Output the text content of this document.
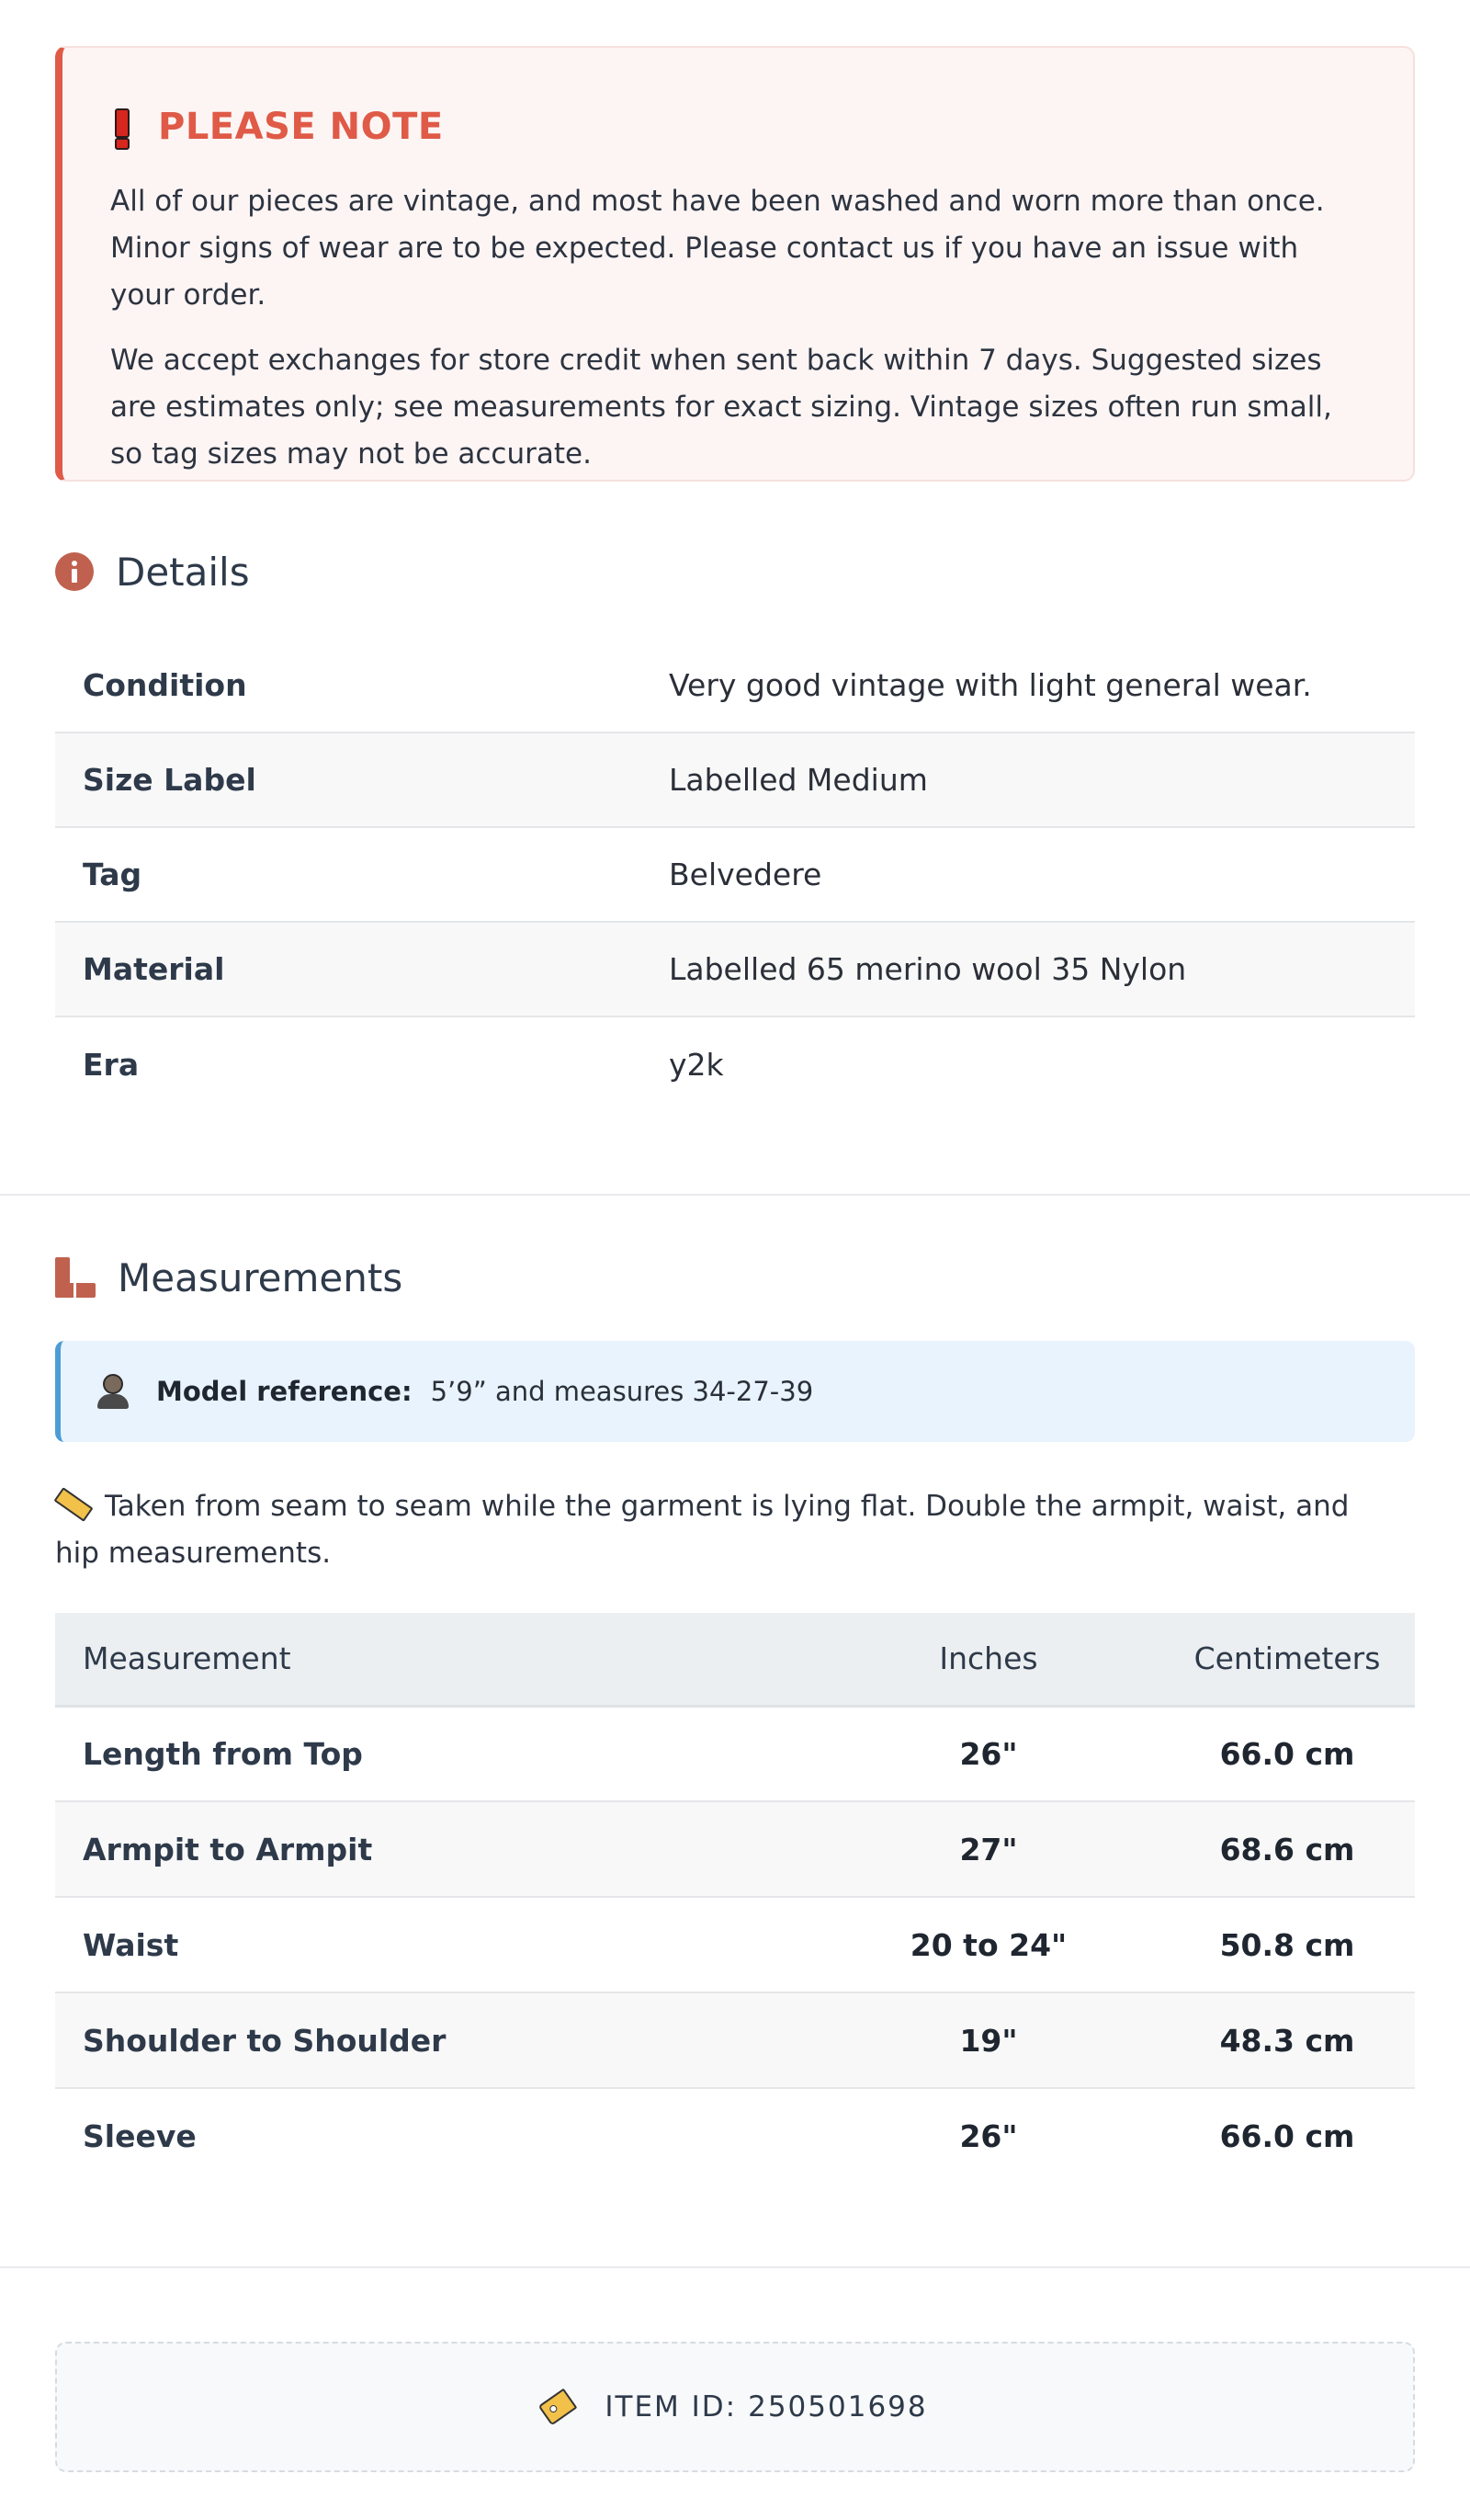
PLEASE NOTE

All of our pieces are vintage, and most have been washed and worn more than once. Minor signs of wear are to be expected. Please contact us if you have an issue with your order.

We accept exchanges for store credit when sent back within 7 days. Suggested sizes are estimates only; see measurements for exact sizing. Vintage sizes often run small, so tag sizes may not be accurate.

Details
Condition	Very good vintage with light general wear.
Size Label	Labelled Medium
Tag	Belvedere
Material	Labelled 65 merino wool 35 Nylon
Era	y2k
Measurements
Model reference: 5’9” and measures 34-27-39

Taken from seam to seam while the garment is lying flat. Double the armpit, waist, and hip measurements.

Measurement	Inches	Centimeters
Length from Top	26"	66.0 cm
Armpit to Armpit	27"	68.6 cm
Waist	20 to 24"	50.8 cm
Shoulder to Shoulder	19"	48.3 cm
Sleeve	26"	66.0 cm
ITEM ID: 250501698
